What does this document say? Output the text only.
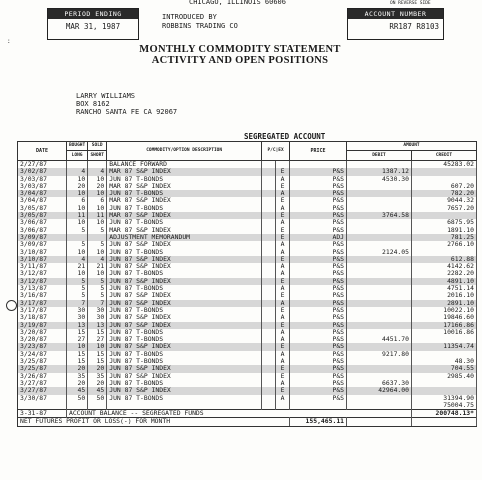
PERIOD ENDING
MAR 31, 1987
CHICAGO, ILLINOIS 60606
INTRODUCED BY
ROBBINS TRADING CO
ON REVERSE SIDE
ACCOUNT NUMBER
RR187 R8103
:
MONTHLY COMMODITY STATEMENT
ACTIVITY AND OPEN POSITIONS
LARRY WILLIAMS
BOX 8162
RANCHO SANTA FE CA 92067
SEGREGATED ACCOUNT
DATE	BOUGHT	SOLD	COMMODITY/OPTION DESCRIPTION	P/C|EX		PRICE	AMOUNT	
	LONG	SHORT					DEBIT	CREDIT
2/27/87			BALANCE FORWARD					45283.02
3/02/87	4	4	MAR 87 S&P INDEX		E	P&S	1387.12	
3/03/87	10	10	JUN 87 T-BONDS		A	P&S	4530.30	
3/03/87	20	20	MAR 87 S&P INDEX		E	P&S		607.20
3/04/87	10	10	JUN 87 T-BONDS		A	P&S		782.20
3/04/87	6	6	MAR 87 S&P INDEX		E	P&S		9044.32
3/05/87	10	10	JUN 87 T-BONDS		A	P&S		7657.20
3/05/87	11	11	MAR 87 S&P INDEX		E	P&S	3764.58	
3/06/87	10	10	JUN 87 T-BONDS		A	P&S		6875.95
3/06/87	5	5	MAR 87 S&P INDEX		E	P&S		1891.10
3/09/87			ADJUSTMENT MEMORANDUM		E	ADJ		781.25
3/09/87	5	5	JUN 87 S&P INDEX		A	P&S		2766.10
3/10/87	10	10	JUN 87 T-BONDS		A	P&S	2124.05	
3/10/87	4	4	JUN 87 S&P INDEX		E	P&S		612.88
3/11/87	21	21	JUN 87 S&P INDEX		A	P&S		4142.62
3/12/87	10	10	JUN 87 T-BONDS		A	P&S		2282.20
3/12/87	5	5	JUN 87 S&P INDEX		E	P&S		4891.10
3/13/87	5	5	JUN 87 T-BONDS		A	P&S		4751.14
3/16/87	5	5	JUN 87 S&P INDEX		E	P&S		2016.10
3/17/87	7	7	JUN 87 S&P INDEX		A	P&S		2891.10
3/17/87	30	30	JUN 87 T-BONDS		E	P&S		10022.10
3/18/87	30	30	JUN 87 S&P INDEX		A	P&S		19846.60
3/19/87	13	13	JUN 87 S&P INDEX		E	P&S		17166.86
3/20/87	15	15	JUN 87 T-BONDS		A	P&S		10016.86
3/20/87	27	27	JUN 87 T-BONDS		A	P&S	4451.70	
3/23/87	10	10	JUN 87 S&P INDEX		E	P&S		11354.74
3/24/87	15	15	JUN 87 T-BONDS		A	P&S	9217.80	
3/25/87	15	15	JUN 87 T-BONDS		A	P&S		48.30
3/25/87	20	20	JUN 87 S&P INDEX		E	P&S		704.55
3/26/87	35	35	JUN 87 S&P INDEX		E	P&S		2985.40
3/27/87	20	20	JUN 87 T-BONDS		A	P&S	6637.30	
3/27/87	45	45	JUN 87 S&P INDEX		E	P&S	42964.00	
3/30/87	50	50	JUN 87 T-BONDS		A	P&S		31394.90
								75004.75
3-31-87	ACCOUNT BALANCE -- SEGREGATED FUNDS							200748.13*
NET FUTURES PROFIT OR LOSS(-) FOR MONTH						155,465.11		
